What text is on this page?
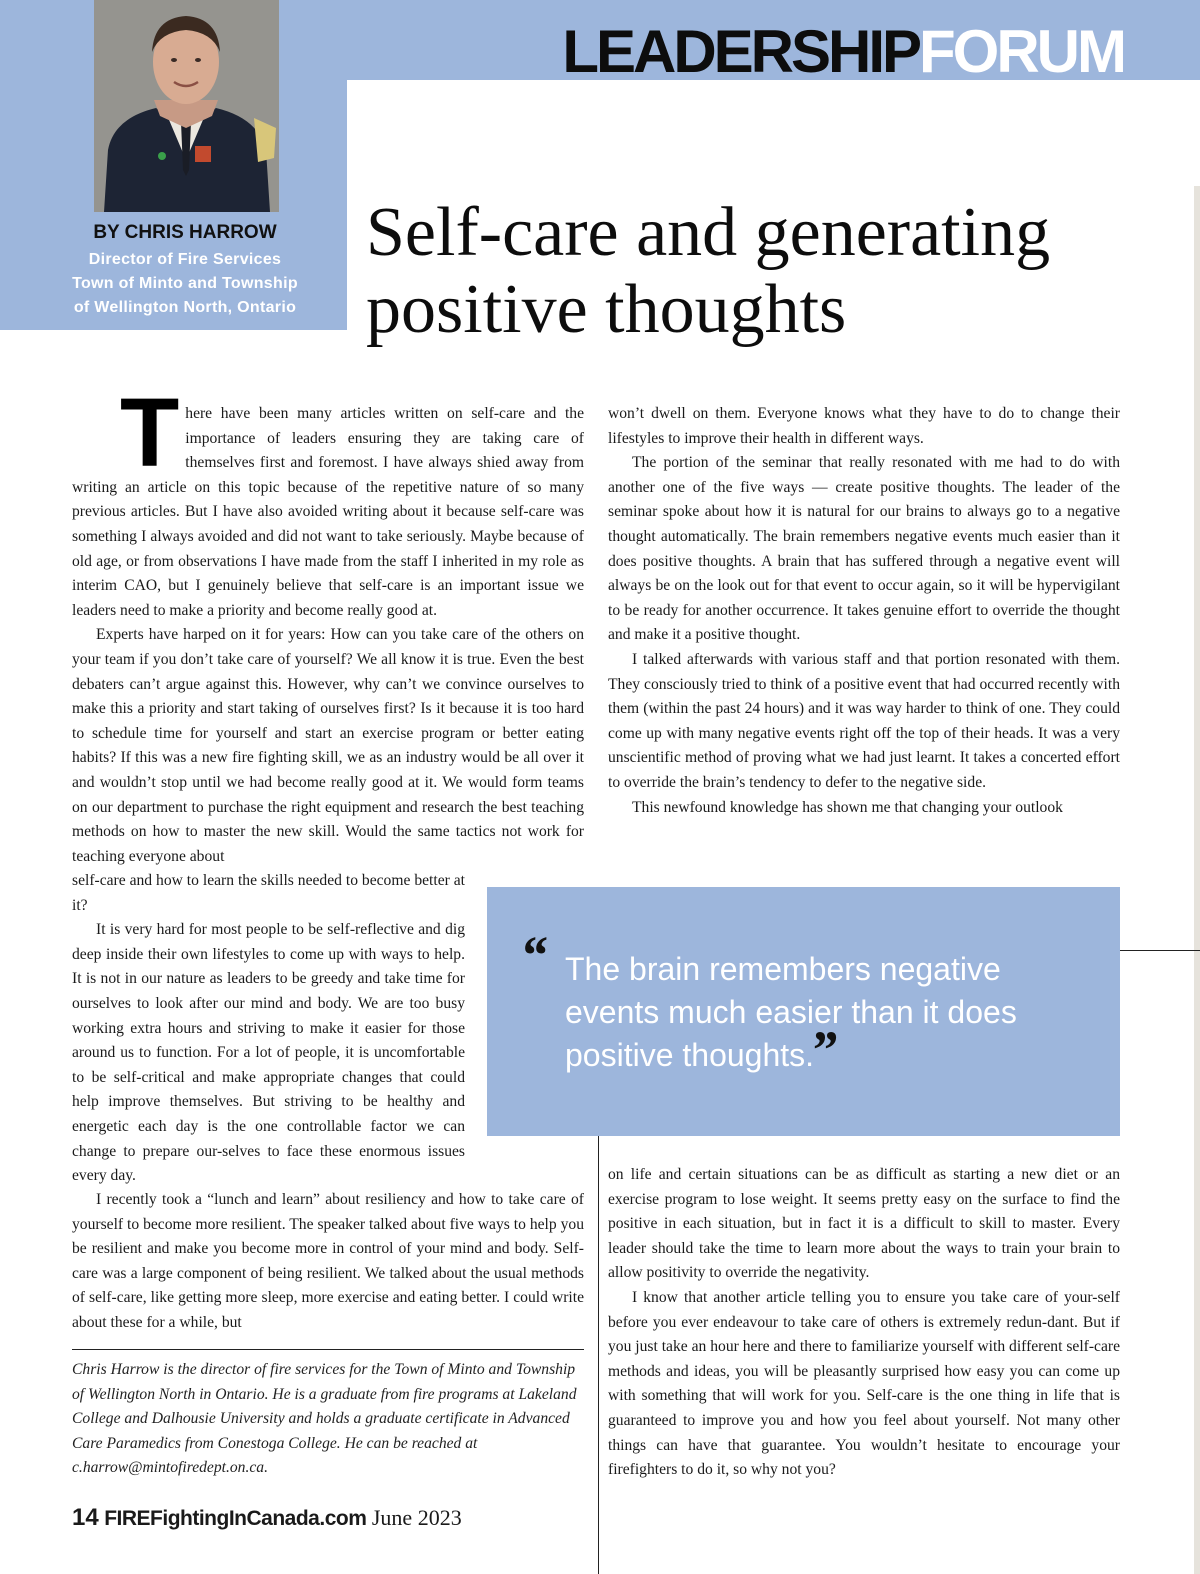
LEADERSHIPFORUM
BY CHRIS HARROW
Director of Fire Services
Town of Minto and Township
of Wellington North, Ontario
Self-care and generating positive thoughts

There have been many articles written on self-care and the importance of leaders ensuring they are taking care of themselves first and foremost. I have always shied away from writing an article on this topic because of the repetitive nature of so many previous articles. But I have also avoided writing about it because self-care was something I always avoided and did not want to take seriously. Maybe because of old age, or from observations I have made from the staff I inherited in my role as interim CAO, but I genuinely believe that self-care is an important issue we leaders need to make a priority and become really good at.

Experts have harped on it for years: How can you take care of the others on your team if you don’t take care of yourself? We all know it is true. Even the best debaters can’t argue against this. However, why can’t we convince ourselves to make this a priority and start taking of ourselves first? Is it because it is too hard to schedule time for yourself and start an exercise program or better eating habits? If this was a new fire fighting skill, we as an industry would be all over it and wouldn’t stop until we had become really good at it. We would form teams on our department to purchase the right equipment and research the best teaching methods on how to master the new skill. Would the same tactics not work for teaching everyone about

self-care and how to learn the skills needed to become better at it?

It is very hard for most people to be self-reflective and dig deep inside their own lifestyles to come up with ways to help. It is not in our nature as leaders to be greedy and take time for ourselves to look after our mind and body. We are too busy working extra hours and striving to make it easier for those around us to function. For a lot of people, it is uncomfortable to be self-critical and make appropriate changes that could help improve themselves. But striving to be healthy and energetic each day is the one controllable factor we can change to prepare our-selves to face these enormous issues every day.

I recently took a “lunch and learn” about resiliency and how to take care of yourself to become more resilient. The speaker talked about five ways to help you be resilient and make you become more in control of your mind and body. Self-care was a large component of being resilient. We talked about the usual methods of self-care, like getting more sleep, more exercise and eating better. I could write about these for a while, but

won’t dwell on them. Everyone knows what they have to do to change their lifestyles to improve their health in different ways.

The portion of the seminar that really resonated with me had to do with another one of the five ways — create positive thoughts. The leader of the seminar spoke about how it is natural for our brains to always go to a negative thought automatically. The brain remembers negative events much easier than it does positive thoughts. A brain that has suffered through a negative event will always be on the look out for that event to occur again, so it will be hypervigilant to be ready for another occurrence. It takes genuine effort to override the thought and make it a positive thought.

I talked afterwards with various staff and that portion resonated with them. They consciously tried to think of a positive event that had occurred recently with them (within the past 24 hours) and it was way harder to think of one. They could come up with many negative events right off the top of their heads. It was a very unscientific method of proving what we had just learnt. It takes a concerted effort to override the brain’s tendency to defer to the negative side.

This newfound knowledge has shown me that changing your outlook

“ The brain remembers negative events much easier than it does positive thoughts.

”

on life and certain situations can be as difficult as starting a new diet or an exercise program to lose weight. It seems pretty easy on the surface to find the positive in each situation, but in fact it is a difficult to skill to master. Every leader should take the time to learn more about the ways to train your brain to allow positivity to override the negativity.

I know that another article telling you to ensure you take care of your-self before you ever endeavour to take care of others is extremely redun-dant. But if you just take an hour here and there to familiarize yourself with different self-care methods and ideas, you will be pleasantly surprised how easy you can come up with something that will work for you. Self-care is the one thing in life that is guaranteed to improve you and how you feel about yourself. Not many other things can have that guarantee. You wouldn’t hesitate to encourage your firefighters to do it, so why not you?

Chris Harrow is the director of fire services for the Town of Minto and Township of Wellington North in Ontario. He is a graduate from fire programs at Lakeland College and Dalhousie University and holds a graduate certificate in Advanced Care Paramedics from Conestoga College. He can be reached at c.harrow@mintofiredept.on.ca.

14 FIREFightingInCanada.com June 2023
